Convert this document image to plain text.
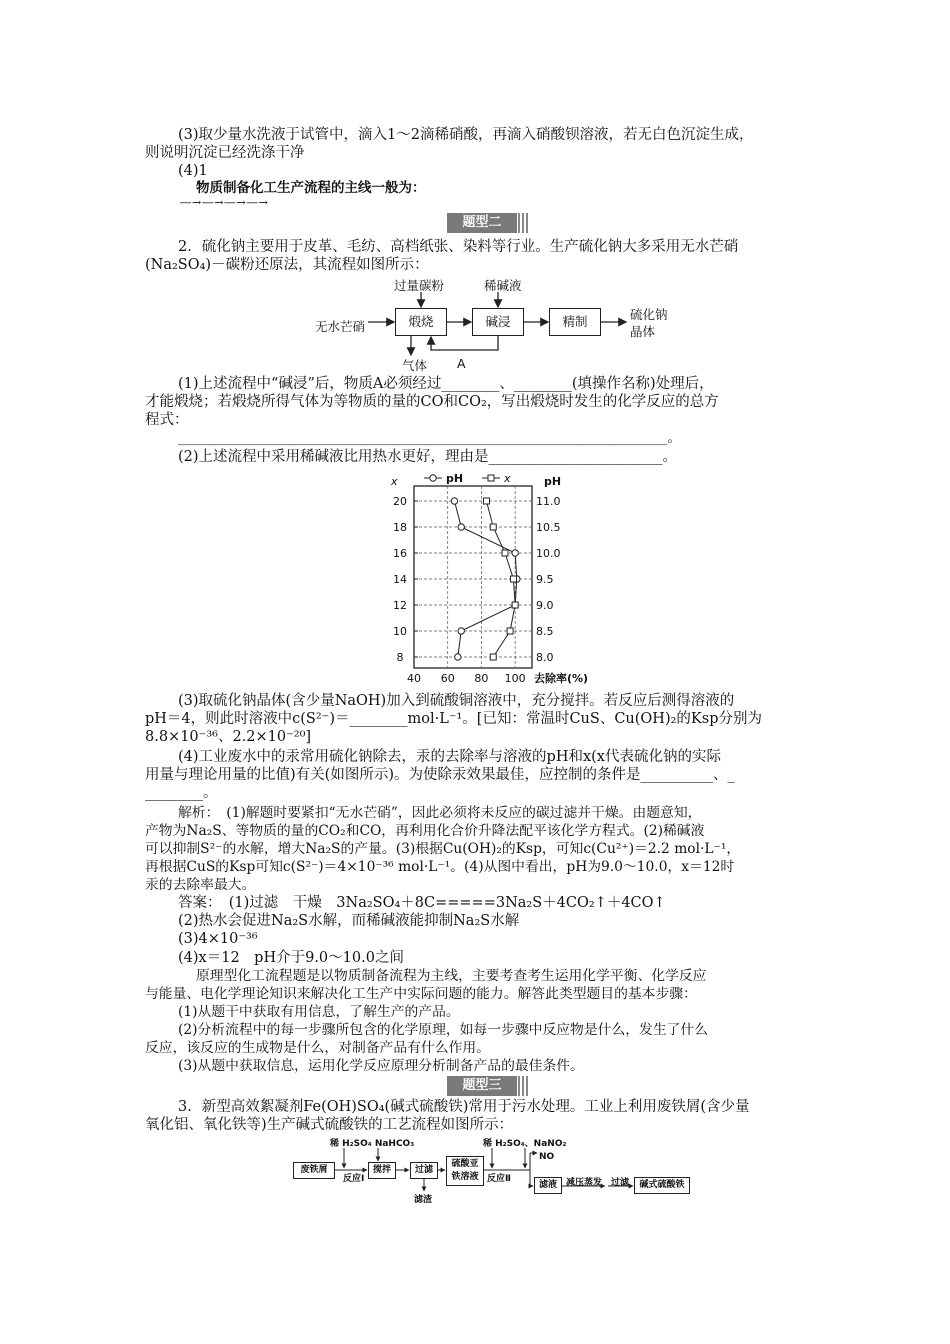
(3)取少量水洗液于试管中，滴入1～2滴稀硝酸，再滴入硝酸钡溶液，若无白色沉淀生成，
则说明沉淀已经洗涤干净
(4)1
物质制备化工生产流程的主线一般为：
―→―→―→―→
题型二
2．硫化钠主要用于皮革、毛纺、高档纸张、染料等行业。生产硫化钠大多采用无水芒硝
(Na₂SO₄)－碳粉还原法，其流程如图所示：
过量碳粉	稀碱液
无水芒硝	煅烧	碱浸	精制	硫化钠
晶体
气体 A
(1)上述流程中“碱浸”后，物质A必须经过________、________(填操作名称)处理后，
才能煅烧；若煅烧所得气体为等物质的量的CO和CO₂，写出煅烧时发生的化学反应的总方
程式：
________________________________________________________________________。
(2)上述流程中采用稀碱液比用热水更好，理由是________________________。
20
18
16
14
12
10
8
11.0
10.5
10.0
9.5
9.0
8.5
8.0
40 60 80 100 去除率(%)
x	pH
pH	x
(3)取硫化钠晶体(含少量NaOH)加入到硫酸铜溶液中，充分搅拌。若反应后测得溶液的
pH＝4，则此时溶液中c(S²⁻)＝________mol·L⁻¹。[已知：常温时CuS、Cu(OH)₂的Ksp分别为
8.8×10⁻³⁶、2.2×10⁻²⁰]
(4)工业废水中的汞常用硫化钠除去，汞的去除率与溶液的pH和x(x代表硫化钠的实际
用量与理论用量的比值)有关(如图所示)。为使除汞效果最佳，应控制的条件是__________、_
________。
解析：　(1)解题时要紧扣“无水芒硝”，因此必须将未反应的碳过滤并干燥。由题意知，
产物为Na₂S、等物质的量的CO₂和CO，再利用化合价升降法配平该化学方程式。(2)稀碱液
可以抑制S²⁻的水解，增大Na₂S的产量。(3)根据Cu(OH)₂的Ksp，可知c(Cu²⁺)＝2.2 mol·L⁻¹，
再根据CuS的Ksp可知c(S²⁻)＝4×10⁻³⁶ mol·L⁻¹。(4)从图中看出，pH为9.0～10.0，x＝12时
汞的去除率最大。
答案：　(1)过滤　干燥　3Na₂SO₄＋8C=====3Na₂S＋4CO₂↑＋4CO↑
(2)热水会促进Na₂S水解，而稀碱液能抑制Na₂S水解
(3)4×10⁻³⁶
(4)x＝12　pH介于9.0～10.0之间
原理型化工流程题是以物质制备流程为主线，主要考查考生运用化学平衡、化学反应
与能量、电化学理论知识来解决化工生产中实际问题的能力。解答此类型题目的基本步骤：
(1)从题干中获取有用信息，了解生产的产品。
(2)分析流程中的每一步骤所包含的化学原理，如每一步骤中反应物是什么，发生了什么
反应，该反应的生成物是什么，对制备产品有什么作用。
(3)从题中获取信息，运用化学反应原理分析制备产品的最佳条件。
题型三
3．新型高效絮凝剂Fe(OH)SO₄(碱式硫酸铁)常用于污水处理。工业上利用废铁屑(含少量
氧化铝、氧化铁等)生产碱式硫酸铁的工艺流程如图所示：
稀 H₂SO₄ NaHCO₃	稀 H₂SO₄、NaNO₂
NO
废铁屑
反应Ⅰ
搅拌	过滤
滤渣
硫酸亚
铁溶液 反应Ⅱ
滤液	减压蒸发 过滤	碱式硫酸铁
